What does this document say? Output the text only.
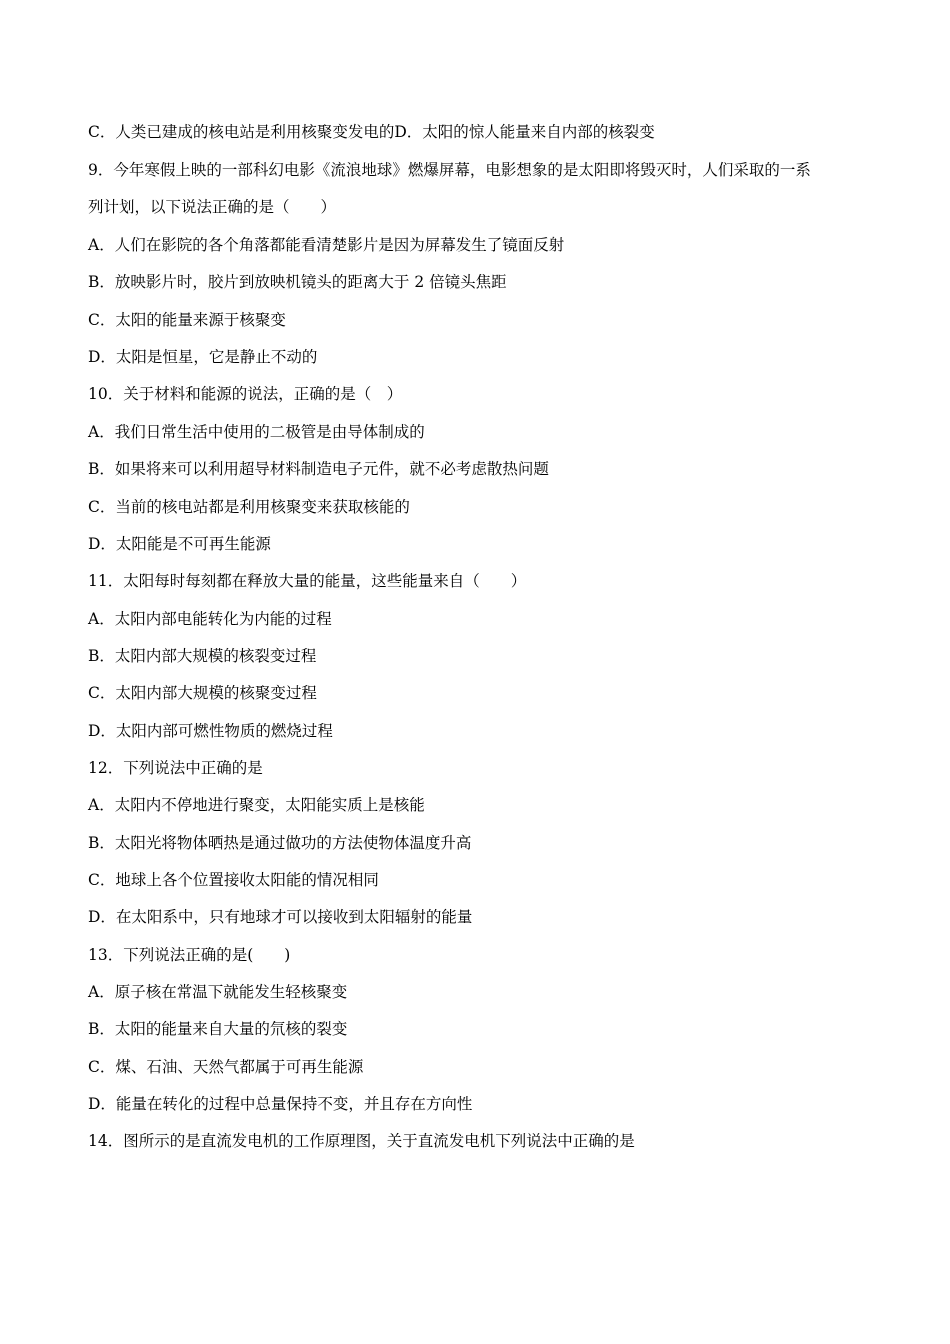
C．人类已建成的核电站是利用核聚变发电的D．太阳的惊人能量来自内部的核裂变
9．今年寒假上映的一部科幻电影《流浪地球》燃爆屏幕，电影想象的是太阳即将毁灭时，人们采取的一系
列计划，以下说法正确的是（　　）
A．人们在影院的各个角落都能看清楚影片是因为屏幕发生了镜面反射
B．放映影片时，胶片到放映机镜头的距离大于 2 倍镜头焦距
C．太阳的能量来源于核聚变
D．太阳是恒星，它是静止不动的
10．关于材料和能源的说法，正确的是（　）
A．我们日常生活中使用的二极管是由导体制成的
B．如果将来可以利用超导材料制造电子元件，就不必考虑散热问题
C．当前的核电站都是利用核聚变来获取核能的
D．太阳能是不可再生能源
11．太阳每时每刻都在释放大量的能量，这些能量来自（　　）
A．太阳内部电能转化为内能的过程
B．太阳内部大规模的核裂变过程
C．太阳内部大规模的核聚变过程
D．太阳内部可燃性物质的燃烧过程
12．下列说法中正确的是
A．太阳内不停地进行聚变，太阳能实质上是核能
B．太阳光将物体晒热是通过做功的方法使物体温度升高
C．地球上各个位置接收太阳能的情况相同
D．在太阳系中，只有地球才可以接收到太阳辐射的能量
13．下列说法正确的是(　　)
A．原子核在常温下就能发生轻核聚变
B．太阳的能量来自大量的氘核的裂变
C．煤、石油、天然气都属于可再生能源
D．能量在转化的过程中总量保持不变，并且存在方向性
14．图所示的是直流发电机的工作原理图，关于直流发电机下列说法中正确的是
